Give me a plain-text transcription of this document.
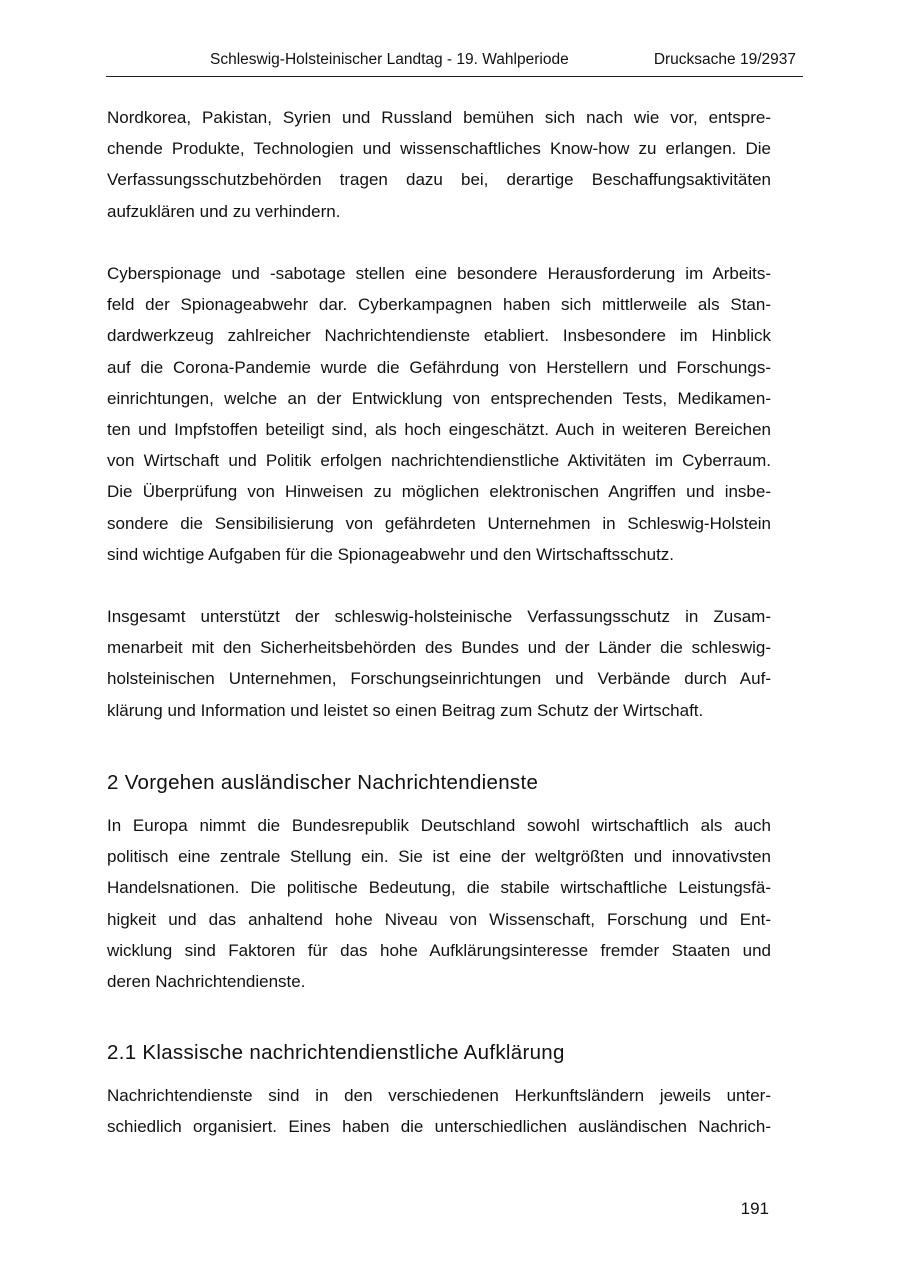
Schleswig-Holsteinischer Landtag - 19. Wahlperiode	Drucksache 19/2937
Nordkorea, Pakistan, Syrien und Russland bemühen sich nach wie vor, entspre-
chende Produkte, Technologien und wissenschaftliches Know-how zu erlangen. Die
Verfassungsschutzbehörden tragen dazu bei, derartige Beschaffungsaktivitäten
aufzuklären und zu verhindern.
Cyberspionage und -sabotage stellen eine besondere Herausforderung im Arbeits-
feld der Spionageabwehr dar. Cyberkampagnen haben sich mittlerweile als Stan-
dardwerkzeug zahlreicher Nachrichtendienste etabliert. Insbesondere im Hinblick
auf die Corona-Pandemie wurde die Gefährdung von Herstellern und Forschungs-
einrichtungen, welche an der Entwicklung von entsprechenden Tests, Medikamen-
ten und Impfstoffen beteiligt sind, als hoch eingeschätzt. Auch in weiteren Bereichen
von Wirtschaft und Politik erfolgen nachrichtendienstliche Aktivitäten im Cyberraum.
Die Überprüfung von Hinweisen zu möglichen elektronischen Angriffen und insbe-
sondere die Sensibilisierung von gefährdeten Unternehmen in Schleswig-Holstein
sind wichtige Aufgaben für die Spionageabwehr und den Wirtschaftsschutz.
Insgesamt unterstützt der schleswig-holsteinische Verfassungsschutz in Zusam-
menarbeit mit den Sicherheitsbehörden des Bundes und der Länder die schleswig-
holsteinischen Unternehmen, Forschungseinrichtungen und Verbände durch Auf-
klärung und Information und leistet so einen Beitrag zum Schutz der Wirtschaft.
2 Vorgehen ausländischer Nachrichtendienste
In Europa nimmt die Bundesrepublik Deutschland sowohl wirtschaftlich als auch
politisch eine zentrale Stellung ein. Sie ist eine der weltgrößten und innovativsten
Handelsnationen. Die politische Bedeutung, die stabile wirtschaftliche Leistungsfä-
higkeit und das anhaltend hohe Niveau von Wissenschaft, Forschung und Ent-
wicklung sind Faktoren für das hohe Aufklärungsinteresse fremder Staaten und
deren Nachrichtendienste.
2.1 Klassische nachrichtendienstliche Aufklärung
Nachrichtendienste sind in den verschiedenen Herkunftsländern jeweils unter-
schiedlich organisiert. Eines haben die unterschiedlichen ausländischen Nachrich-
191
